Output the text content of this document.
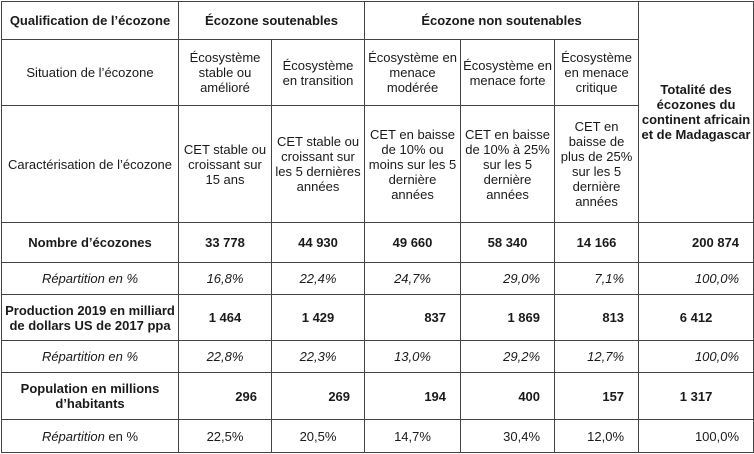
Qualification de l’écozone	Écozone soutenables		Écozone non soutenables			Totalité des écozones du continent africain et de Madagascar
Situation de l’écozone	Écosystème stable ou amélioré	Écosystème en transition	Écosystème en menace modérée	Écosystème en menace forte	Écosystème en menace critique	
Caractérisation de l’écozone	CET stable ou croissant sur 15 ans	CET stable ou croissant sur les 5 dernières années	CET en baisse de 10% ou moins sur les 5 dernière années	CET en baisse de 10% à 25% sur les 5 dernière années	CET en baisse de plus de 25% sur les 5 dernière années	
Nombre d’écozones	33 778	44 930	49 660	58 340	14 166	200 874
Répartition en %	16,8%	22,4%	24,7%	29,0%	7,1%	100,0%
Production 2019 en milliard de dollars US de 2017 ppa	1 464	1 429	837	1 869	813	6 412
Répartition en %	22,8%	22,3%	13,0%	29,2%	12,7%	100,0%
Population en millions d’habitants	296	269	194	400	157	1 317
Répartition en %	22,5%	20,5%	14,7%	30,4%	12,0%	100,0%
